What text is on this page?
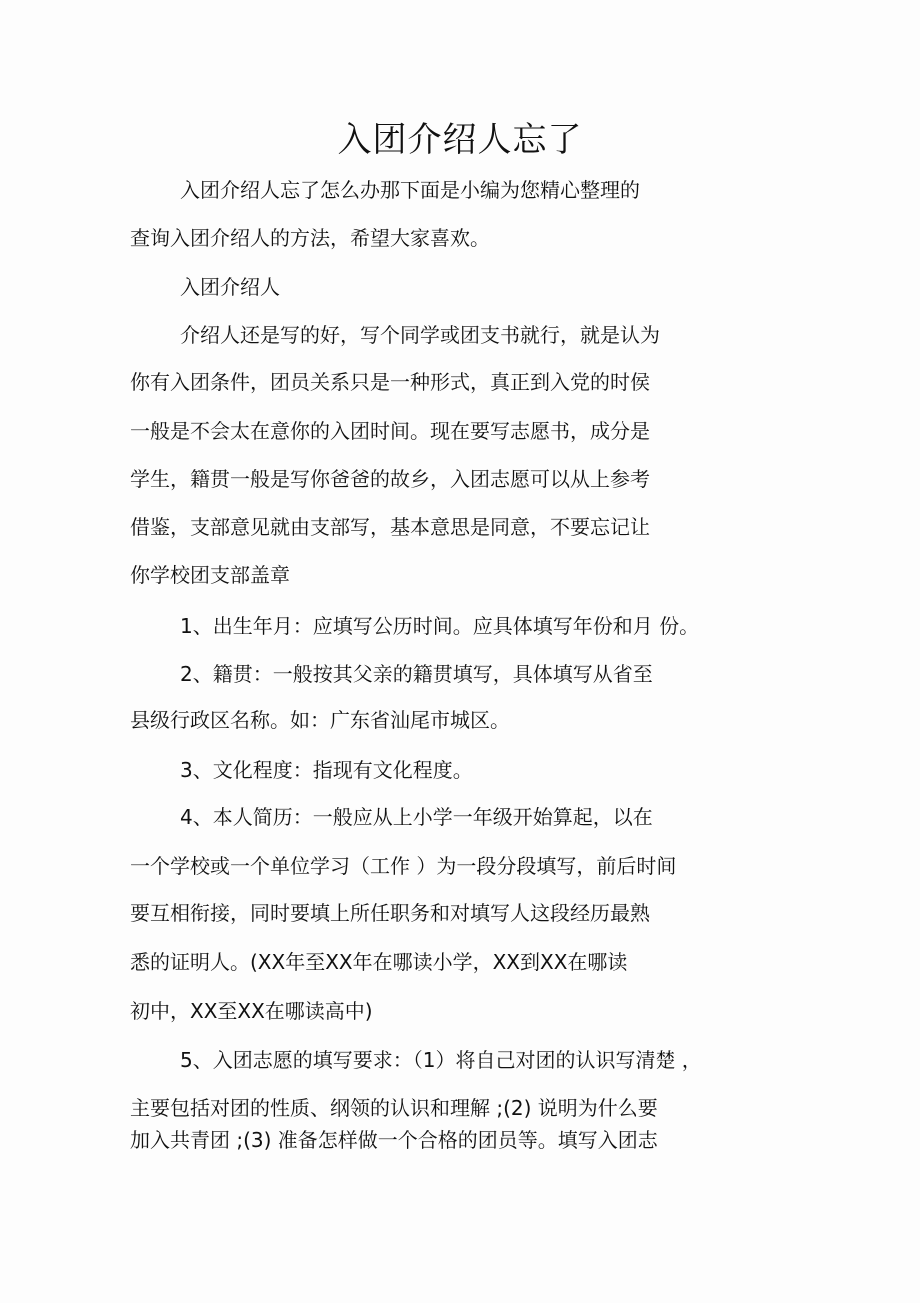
入团介绍人忘了
入团介绍人忘了怎么办那下面是小编为您精心整理的
查询入团介绍人的方法，希望大家喜欢。
入团介绍人
介绍人还是写的好，写个同学或团支书就行，就是认为
你有入团条件，团员关系只是一种形式，真正到入党的时侯
一般是不会太在意你的入团时间。现在要写志愿书，成分是
学生，籍贯一般是写你爸爸的故乡，入团志愿可以从上参考
借鉴，支部意见就由支部写，基本意思是同意，不要忘记让
你学校团支部盖章
1、出生年月：应填写公历时间。应具体填写年份和月 份。
2、籍贯：一般按其父亲的籍贯填写，具体填写从省至
县级行政区名称。如：广东省汕尾市城区。
3、文化程度：指现有文化程度。
4、本人简历：一般应从上小学一年级开始算起，以在
一个学校或一个单位学习（工作 ）为一段分段填写，前后时间
要互相衔接，同时要填上所任职务和对填写人这段经历最熟
悉的证明人。(XX年至XX年在哪读小学，XX到XX在哪读
初中，XX至XX在哪读高中)
5、入团志愿的填写要求：（1）将自己对团的认识写清楚 ，
主要包括对团的性质、纲领的认识和理解 ;(2) 说明为什么要
加入共青团 ;(3) 准备怎样做一个合格的团员等。填写入团志
